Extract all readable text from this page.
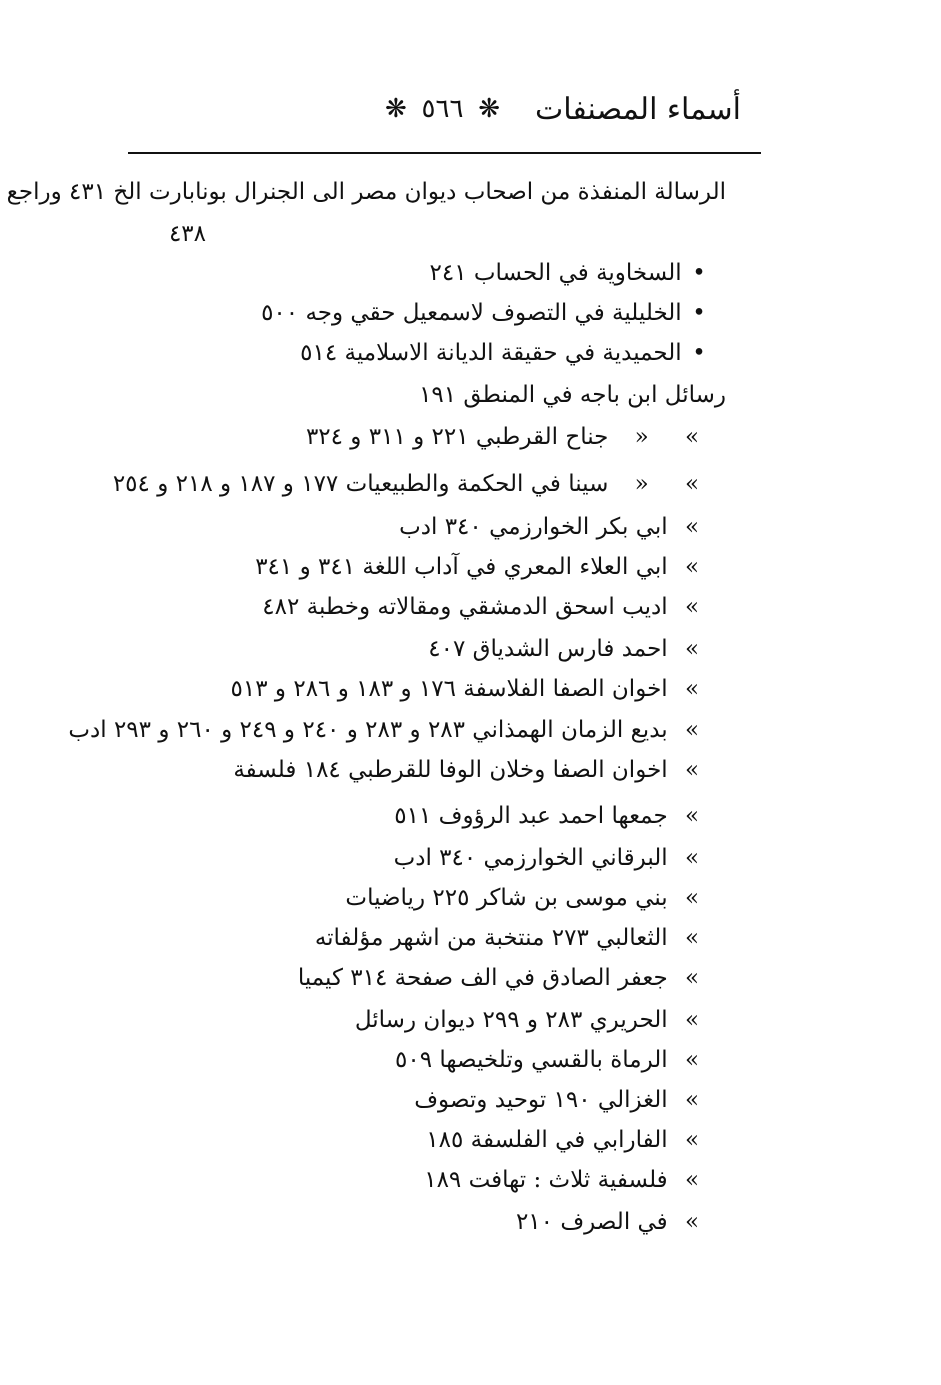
أسماء المصنفات
❋ ٥٦٦ ❋
الرسالة المنفذة من اصحاب ديوان مصر الى الجنرال بونابارت الخ ٤٣١ وراجع
٤٣٨
• السخاوية في الحساب ٢٤١
• الخليلية في التصوف لاسمعيل حقي وجه ٥٠٠
• الحميدية في حقيقة الديانة الاسلامية ٥١٤
رسائل ابن باجه في المنطق ١٩١
» « جناح القرطبي ٢٢١ و ٣١١ و ٣٢٤
» « سينا في الحكمة والطبيعيات ١٧٧ و ١٨٧ و ٢١٨ و ٢٥٤
» ابي بكر الخوارزمي ٣٤٠ ادب
» ابي العلاء المعري في آداب اللغة ٣٤١ و ٣٤١
» اديب اسحق الدمشقي ومقالاته وخطبة ٤٨٢
» احمد فارس الشدياق ٤٠٧
» اخوان الصفا الفلاسفة ١٧٦ و ١٨٣ و ٢٨٦ و ٥١٣
» بديع الزمان الهمذاني ٢٨٣ و ٢٨٣ و ٢٤٠ و ٢٤٩ و ٢٦٠ و ٢٩٣ ادب
» اخوان الصفا وخلان الوفا للقرطبي ١٨٤ فلسفة
» جمعها احمد عبد الرؤوف ٥١١
» البرقاني الخوارزمي ٣٤٠ ادب
» بني موسى بن شاكر ٢٢٥ رياضيات
» الثعالبي ٢٧٣ منتخبة من اشهر مؤلفاته
» جعفر الصادق في الف صفحة ٣١٤ كيميا
» الحريري ٢٨٣ و ٢٩٩ ديوان رسائل
» الرماة بالقسي وتلخيصها ٥٠٩
» الغزالي ١٩٠ توحيد وتصوف
» الفارابي في الفلسفة ١٨٥
» فلسفية ثلاث : تهافت ١٨٩
» في الصرف ٢١٠
